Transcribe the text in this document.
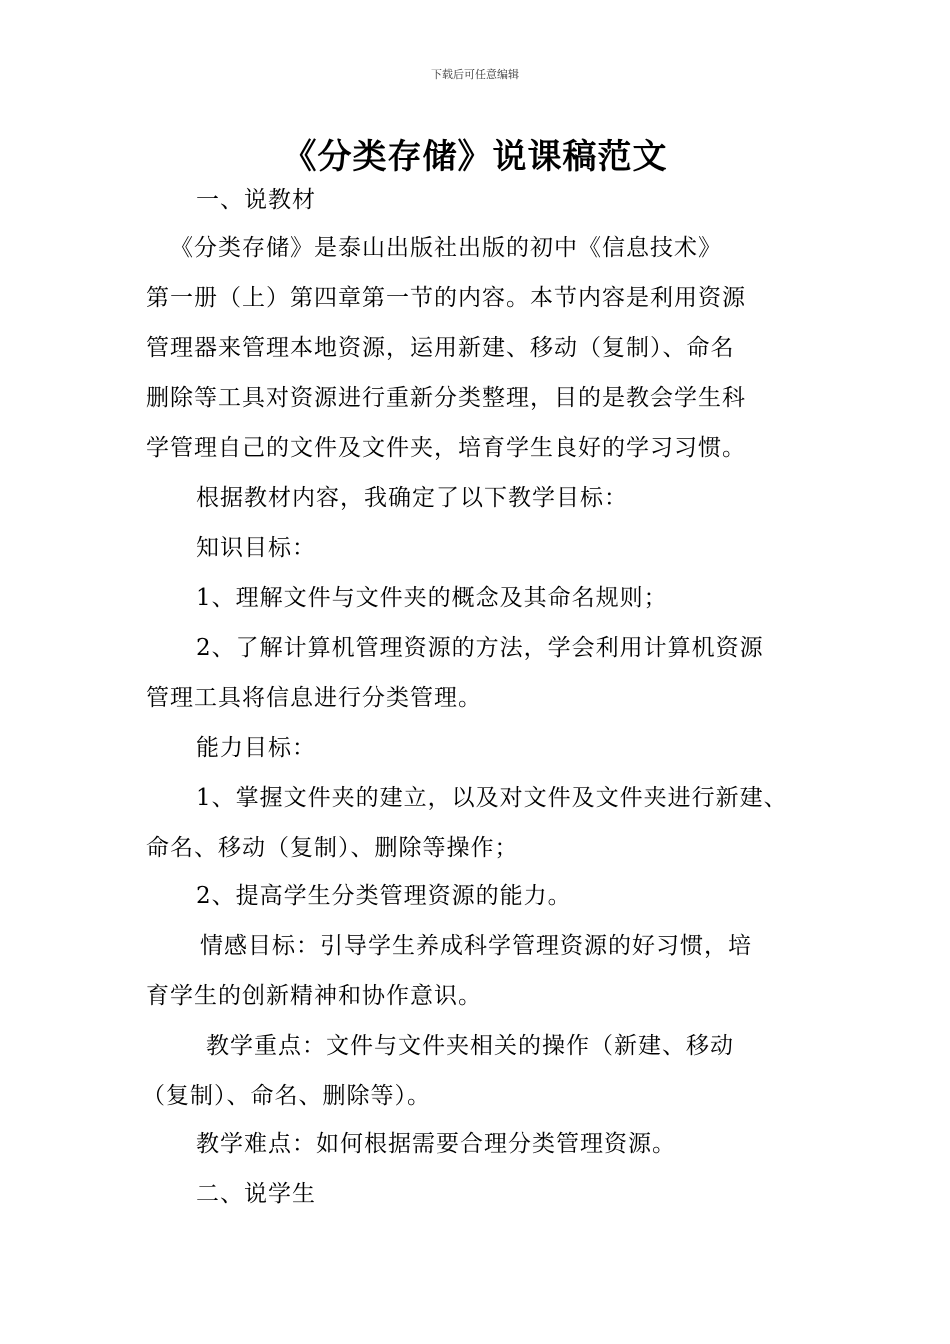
下载后可任意编辑
《分类存储》说课稿范文
一、说教材
《分类存储》是泰山出版社出版的初中《信息技术》
第一册（上）第四章第一节的内容。本节内容是利用资源
管理器来管理本地资源，运用新建、移动（复制）、命名
删除等工具对资源进行重新分类整理，目的是教会学生科
学管理自己的文件及文件夹，培育学生良好的学习习惯。
根据教材内容，我确定了以下教学目标：
知识目标：
1、理解文件与文件夹的概念及其命名规则；
2、了解计算机管理资源的方法，学会利用计算机资源
管理工具将信息进行分类管理。
能力目标：
1、掌握文件夹的建立，以及对文件及文件夹进行新建、
命名、移动（复制）、删除等操作；
2、提高学生分类管理资源的能力。
情感目标：引导学生养成科学管理资源的好习惯，培
育学生的创新精神和协作意识。
教学重点：文件与文件夹相关的操作（新建、移动
（复制）、命名、删除等）。
教学难点：如何根据需要合理分类管理资源。
二、说学生
